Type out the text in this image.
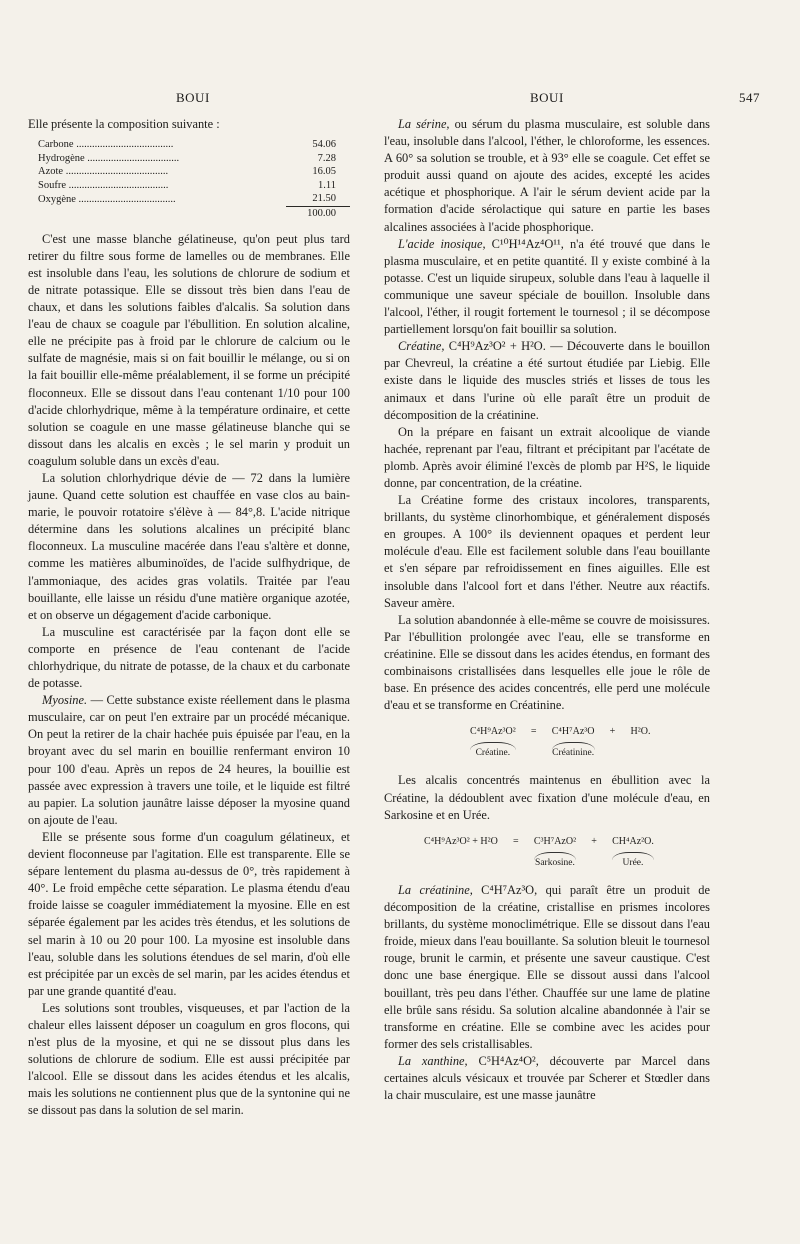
BOUI	BOUI	547

Elle présente la composition suivante :

Carbone .....................................	54.06
Hydrogène ...................................	7.28
Azote .......................................	16.05
Soufre ......................................	1.11
Oxygène .....................................	21.50
	100.00

C'est une masse blanche gélatineuse, qu'on peut plus tard retirer du filtre sous forme de lamelles ou de membranes. Elle est insoluble dans l'eau, les solutions de chlorure de sodium et de nitrate potassique. Elle se dissout très bien dans l'eau de chaux, et dans les solutions faibles d'alcalis. Sa solution dans l'eau de chaux se coagule par l'ébullition. En solution alcaline, elle ne précipite pas à froid par le chlorure de calcium ou le sulfate de magnésie, mais si on fait bouillir le mélange, ou si on la fait bouillir elle-même préalablement, il se forme un précipité floconneux. Elle se dissout dans l'eau contenant 1/10 pour 100 d'acide chlorhydrique, même à la température ordinaire, et cette solution se coagule en une masse gélatineuse blanche qui se dissout dans les alcalis en excès ; le sel marin y produit un coagulum soluble dans un excès d'eau.

La solution chlorhydrique dévie de — 72 dans la lumière jaune. Quand cette solution est chauffée en vase clos au bain-marie, le pouvoir rotatoire s'élève à — 84°,8. L'acide nitrique détermine dans les solutions alcalines un précipité blanc floconneux. La musculine macérée dans l'eau s'altère et donne, comme les matières albuminoïdes, de l'acide sulfhydrique, de l'ammoniaque, des acides gras volatils. Traitée par l'eau bouillante, elle laisse un résidu d'une matière organique azotée, et on observe un dégagement d'acide carbonique.

La musculine est caractérisée par la façon dont elle se comporte en présence de l'eau contenant de l'acide chlorhydrique, du nitrate de potasse, de la chaux et du carbonate de potasse.

Myosine. — Cette substance existe réellement dans le plasma musculaire, car on peut l'en extraire par un procédé mécanique. On peut la retirer de la chair hachée puis épuisée par l'eau, en la broyant avec du sel marin en bouillie renfermant environ 10 pour 100 d'eau. Après un repos de 24 heures, la bouillie est passée avec expression à travers une toile, et le liquide est filtré au papier. La solution jaunâtre laisse déposer la myosine quand on ajoute de l'eau.

Elle se présente sous forme d'un coagulum gélatineux, et devient floconneuse par l'agitation. Elle est transparente. Elle se sépare lentement du plasma au-dessus de 0°, très rapidement à 40°. Le froid empêche cette séparation. Le plasma étendu d'eau froide laisse se coaguler immédiatement la myosine. Elle en est séparée également par les acides très étendus, et les solutions de sel marin à 10 ou 20 pour 100. La myosine est insoluble dans l'eau, soluble dans les solutions étendues de sel marin, d'où elle est précipitée par un excès de sel marin, par les acides étendus et par une grande quantité d'eau.

Les solutions sont troubles, visqueuses, et par l'action de la chaleur elles laissent déposer un coagulum en gros flocons, qui n'est plus de la myosine, et qui ne se dissout plus dans les solutions de chlorure de sodium. Elle est aussi précipitée par l'alcool. Elle se dissout dans les acides étendus et les alcalis, mais les solutions ne contiennent plus que de la syntonine qui ne se dissout pas dans la solution de sel marin.

La sérine, ou sérum du plasma musculaire, est soluble dans l'eau, insoluble dans l'alcool, l'éther, le chloroforme, les essences. A 60° sa solution se trouble, et à 93° elle se coagule. Cet effet se produit aussi quand on ajoute des acides, excepté les acides acétique et phosphorique. A l'air le sérum devient acide par la formation d'acide sérolactique qui sature en partie les bases alcalines associées à l'acide phosphorique.

L'acide inosique, C¹⁰H¹⁴Az⁴O¹¹, n'a été trouvé que dans le plasma musculaire, et en petite quantité. Il y existe combiné à la potasse. C'est un liquide sirupeux, soluble dans l'eau à laquelle il communique une saveur spéciale de bouillon. Insoluble dans l'alcool, l'éther, il rougit fortement le tournesol ; il se décompose partiellement lorsqu'on fait bouillir sa solution.

Créatine, C⁴H⁹Az³O² + H²O. — Découverte dans le bouillon par Chevreul, la créatine a été surtout étudiée par Liebig. Elle existe dans le liquide des muscles striés et lisses de tous les animaux et dans l'urine où elle paraît être un produit de décomposition de la créatinine.

On la prépare en faisant un extrait alcoolique de viande hachée, reprenant par l'eau, filtrant et précipitant par l'acétate de plomb. Après avoir éliminé l'excès de plomb par H²S, le liquide donne, par concentration, de la créatine.

La Créatine forme des cristaux incolores, transparents, brillants, du système clinorhombique, et généralement disposés en groupes. A 100° ils deviennent opaques et perdent leur molécule d'eau. Elle est facilement soluble dans l'eau bouillante et s'en sépare par refroidissement en fines aiguilles. Elle est insoluble dans l'alcool fort et dans l'éther. Neutre aux réactifs. Saveur amère.

La solution abandonnée à elle-même se couvre de moisissures. Par l'ébullition prolongée avec l'eau, elle se transforme en créatinine. Elle se dissout dans les acides étendus, en formant des combinaisons cristallisées dans lesquelles elle joue le rôle de base. En présence des acides concentrés, elle perd une molécule d'eau et se transforme en Créatinine.

C⁴H⁹Az³O²
Créatine.
=	C⁴H⁷Az³O
Créatinine.
+	H²O.

Les alcalis concentrés maintenus en ébullition avec la Créatine, la dédoublent avec fixation d'une molécule d'eau, en Sarkosine et en Urée.

C⁴H⁹Az³O² + H²O	=	C³H⁷AzO²
Sarkosine.
+	CH⁴Az²O.
Urée.

La créatinine, C⁴H⁷Az³O, qui paraît être un produit de décomposition de la créatine, cristallise en prismes incolores brillants, du système monoclimétrique. Elle se dissout dans l'eau froide, mieux dans l'eau bouillante. Sa solution bleuit le tournesol rouge, brunit le carmin, et présente une saveur caustique. C'est donc une base énergique. Elle se dissout aussi dans l'alcool bouillant, très peu dans l'éther. Chauffée sur une lame de platine elle brûle sans résidu. Sa solution alcaline abandonnée à l'air se transforme en créatine. Elle se combine avec les acides pour former des sels cristallisables.

La xanthine, C⁵H⁴Az⁴O², découverte par Marcel dans certaines alculs vésicaux et trouvée par Scherer et Stœdler dans la chair musculaire, est une masse jaunâtre
